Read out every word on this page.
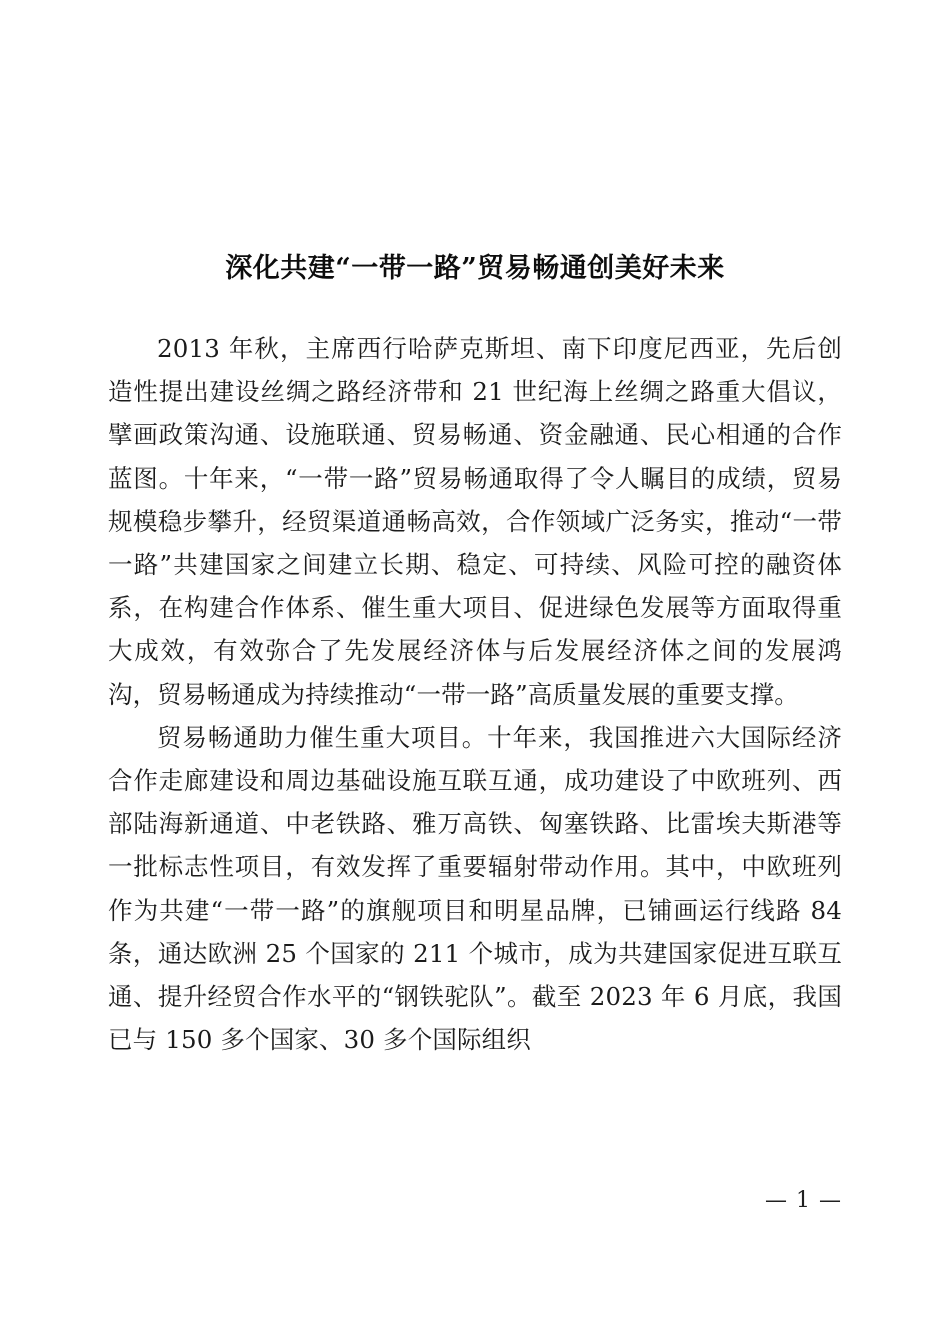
深化共建“一带一路”贸易畅通创美好未来

2013 年秋，主席西行哈萨克斯坦、南下印度尼西亚，先后创造性提出建设丝绸之路经济带和 21 世纪海上丝绸之路重大倡议，擘画政策沟通、设施联通、贸易畅通、资金融通、民心相通的合作蓝图。十年来，“一带一路”贸易畅通取得了令人瞩目的成绩，贸易规模稳步攀升，经贸渠道通畅高效，合作领域广泛务实，推动“一带一路”共建国家之间建立长期、稳定、可持续、风险可控的融资体系，在构建合作体系、催生重大项目、促进绿色发展等方面取得重大成效，有效弥合了先发展经济体与后发展经济体之间的发展鸿沟，贸易畅通成为持续推动“一带一路”高质量发展的重要支撑。

贸易畅通助力催生重大项目。十年来，我国推进六大国际经济合作走廊建设和周边基础设施互联互通，成功建设了中欧班列、西部陆海新通道、中老铁路、雅万高铁、匈塞铁路、比雷埃夫斯港等一批标志性项目，有效发挥了重要辐射带动作用。其中，中欧班列作为共建“一带一路”的旗舰项目和明星品牌，已铺画运行线路 84 条，通达欧洲 25 个国家的 211 个城市，成为共建国家促进互联互通、提升经贸合作水平的“钢铁驼队”。截至 2023 年 6 月底，我国已与 150 多个国家、30 多个国际组织

— 1 —
